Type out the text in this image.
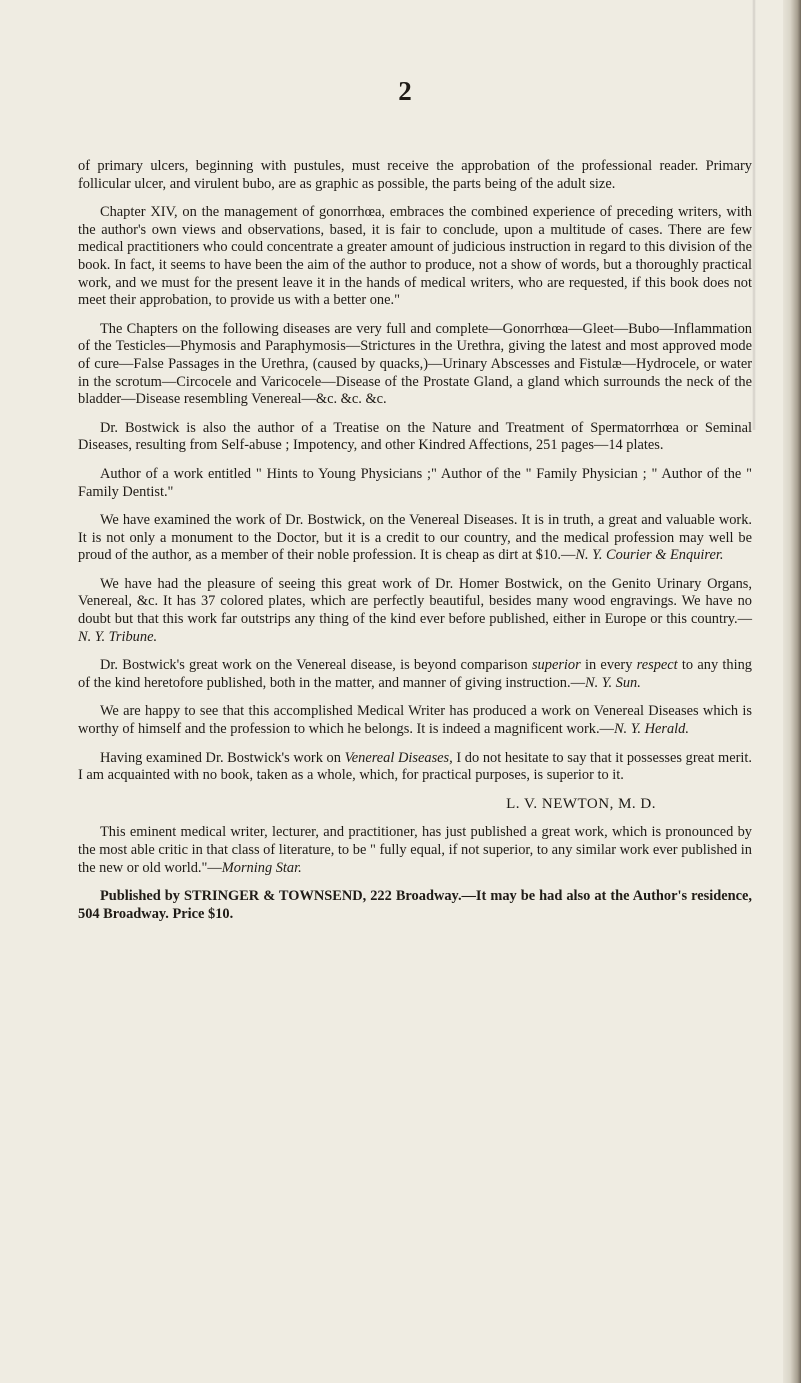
2

of primary ulcers, beginning with pustules, must receive the approbation of the professional reader. Primary follicular ulcer, and virulent bubo, are as graphic as possible, the parts being of the adult size.

Chapter XIV, on the management of gonorrhœa, embraces the combined experience of preceding writers, with the author's own views and observations, based, it is fair to conclude, upon a multitude of cases. There are few medical practitioners who could concentrate a greater amount of judicious instruction in regard to this division of the book. In fact, it seems to have been the aim of the author to produce, not a show of words, but a thoroughly practical work, and we must for the present leave it in the hands of medical writers, who are requested, if this book does not meet their approbation, to provide us with a better one."

The Chapters on the following diseases are very full and complete—Gonorrhœa—Gleet—Bubo—Inflammation of the Testicles—Phymosis and Paraphymosis—Strictures in the Urethra, giving the latest and most approved mode of cure—False Passages in the Urethra, (caused by quacks,)—Urinary Abscesses and Fistulæ—Hydrocele, or water in the scrotum—Circocele and Varicocele—Disease of the Prostate Gland, a gland which surrounds the neck of the bladder—Disease resembling Venereal—&c. &c. &c.

Dr. Bostwick is also the author of a Treatise on the Nature and Treatment of Spermatorrhœa or Seminal Diseases, resulting from Self-abuse ; Impotency, and other Kindred Affections, 251 pages—14 plates.

Author of a work entitled " Hints to Young Physicians ;" Author of the " Family Physician ; " Author of the " Family Dentist."

We have examined the work of Dr. Bostwick, on the Venereal Diseases. It is in truth, a great and valuable work. It is not only a monument to the Doctor, but it is a credit to our country, and the medical profession may well be proud of the author, as a member of their noble profession. It is cheap as dirt at $10.—N. Y. Courier & Enquirer.

We have had the pleasure of seeing this great work of Dr. Homer Bostwick, on the Genito Urinary Organs, Venereal, &c. It has 37 colored plates, which are perfectly beautiful, besides many wood engravings. We have no doubt but that this work far outstrips any thing of the kind ever before published, either in Europe or this country.—N. Y. Tribune.

Dr. Bostwick's great work on the Venereal disease, is beyond comparison superior in every respect to any thing of the kind heretofore published, both in the matter, and manner of giving instruction.—N. Y. Sun.

We are happy to see that this accomplished Medical Writer has produced a work on Venereal Diseases which is worthy of himself and the profession to which he belongs. It is indeed a magnificent work.—N. Y. Herald.

Having examined Dr. Bostwick's work on Venereal Diseases, I do not hesitate to say that it possesses great merit. I am acquainted with no book, taken as a whole, which, for practical purposes, is superior to it.

L. V. NEWTON, M. D.

This eminent medical writer, lecturer, and practitioner, has just published a great work, which is pronounced by the most able critic in that class of literature, to be " fully equal, if not superior, to any similar work ever published in the new or old world."—Morning Star.

Published by STRINGER & TOWNSEND, 222 Broadway.—It may be had also at the Author's residence, 504 Broadway. Price $10.
